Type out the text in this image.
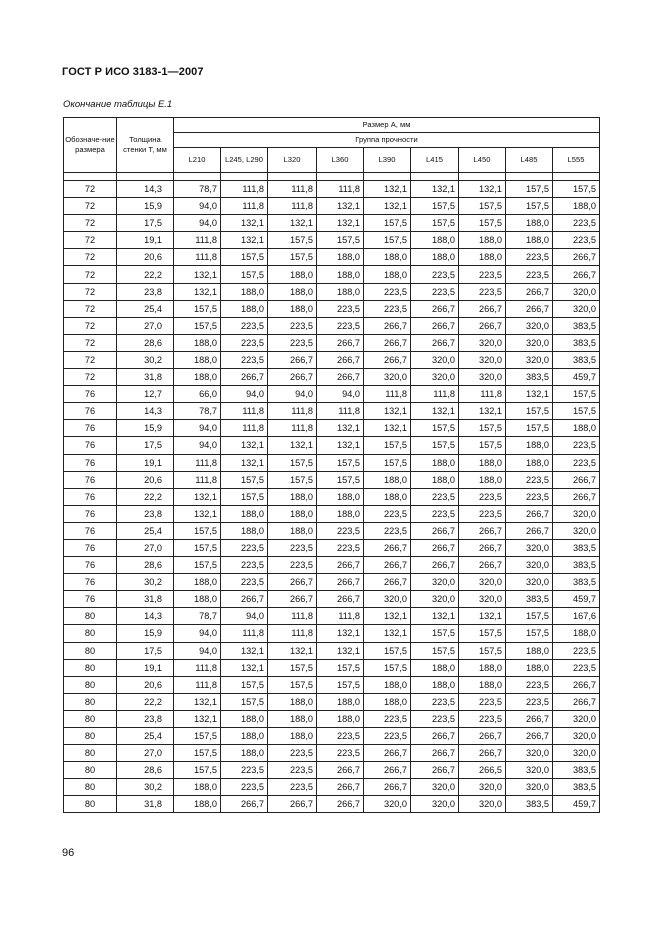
ГОСТ Р ИСО 3183-1—2007
Окончание таблицы Е.1
Обозначе-ние размера	Толщина стенки T, мм	Размер A, мм								
		Группа прочности								
		L210	L245, L290	L320	L360	L390	L415	L450	L485	L555

72	14,3	78,7	111,8	111,8	111,8	132,1	132,1	132,1	157,5	157,5
72	15,9	94,0	111,8	111,8	132,1	132,1	157,5	157,5	157,5	188,0
72	17,5	94,0	132,1	132,1	132,1	157,5	157,5	157,5	188,0	223,5
72	19,1	111,8	132,1	157,5	157,5	157,5	188,0	188,0	188,0	223,5
72	20,6	111,8	157,5	157,5	188,0	188,0	188,0	188,0	223,5	266,7
72	22,2	132,1	157,5	188,0	188,0	188,0	223,5	223,5	223,5	266,7
72	23,8	132,1	188,0	188,0	188,0	223,5	223,5	223,5	266,7	320,0
72	25,4	157,5	188,0	188,0	223,5	223,5	266,7	266,7	266,7	320,0
72	27,0	157,5	223,5	223,5	223,5	266,7	266,7	266,7	320,0	383,5
72	28,6	188,0	223,5	223,5	266,7	266,7	266,7	320,0	320,0	383,5
72	30,2	188,0	223,5	266,7	266,7	266,7	320,0	320,0	320,0	383,5
72	31,8	188,0	266,7	266,7	266,7	320,0	320,0	320,0	383,5	459,7
76	12,7	66,0	94,0	94,0	94,0	111,8	111,8	111,8	132,1	157,5
76	14,3	78,7	111,8	111,8	111,8	132,1	132,1	132,1	157,5	157,5
76	15,9	94,0	111,8	111,8	132,1	132,1	157,5	157,5	157,5	188,0
76	17,5	94,0	132,1	132,1	132,1	157,5	157,5	157,5	188,0	223,5
76	19,1	111,8	132,1	157,5	157,5	157,5	188,0	188,0	188,0	223,5
76	20,6	111,8	157,5	157,5	157,5	188,0	188,0	188,0	223,5	266,7
76	22,2	132,1	157,5	188,0	188,0	188,0	223,5	223,5	223,5	266,7
76	23,8	132,1	188,0	188,0	188,0	223,5	223,5	223,5	266,7	320,0
76	25,4	157,5	188,0	188,0	223,5	223,5	266,7	266,7	266,7	320,0
76	27,0	157,5	223,5	223,5	223,5	266,7	266,7	266,7	320,0	383,5
76	28,6	157,5	223,5	223,5	266,7	266,7	266,7	266,7	320,0	383,5
76	30,2	188,0	223,5	266,7	266,7	266,7	320,0	320,0	320,0	383,5
76	31,8	188,0	266,7	266,7	266,7	320,0	320,0	320,0	383,5	459,7
80	14,3	78,7	94,0	111,8	111,8	132,1	132,1	132,1	157,5	167,6
80	15,9	94,0	111,8	111,8	132,1	132,1	157,5	157,5	157,5	188,0
80	17,5	94,0	132,1	132,1	132,1	157,5	157,5	157,5	188,0	223,5
80	19,1	111,8	132,1	157,5	157,5	157,5	188,0	188,0	188,0	223,5
80	20,6	111,8	157,5	157,5	157,5	188,0	188,0	188,0	223,5	266,7
80	22,2	132,1	157,5	188,0	188,0	188,0	223,5	223,5	223,5	266,7
80	23,8	132,1	188,0	188,0	188,0	223,5	223,5	223,5	266,7	320,0
80	25,4	157,5	188,0	188,0	223,5	223,5	266,7	266,7	266,7	320,0
80	27,0	157,5	188,0	223,5	223,5	266,7	266,7	266,7	320,0	320,0
80	28,6	157,5	223,5	223,5	266,7	266,7	266,7	266,5	320,0	383,5
80	30,2	188,0	223,5	223,5	266,7	266,7	320,0	320,0	320,0	383,5
80	31,8	188,0	266,7	266,7	266,7	320,0	320,0	320,0	383,5	459,7
96
